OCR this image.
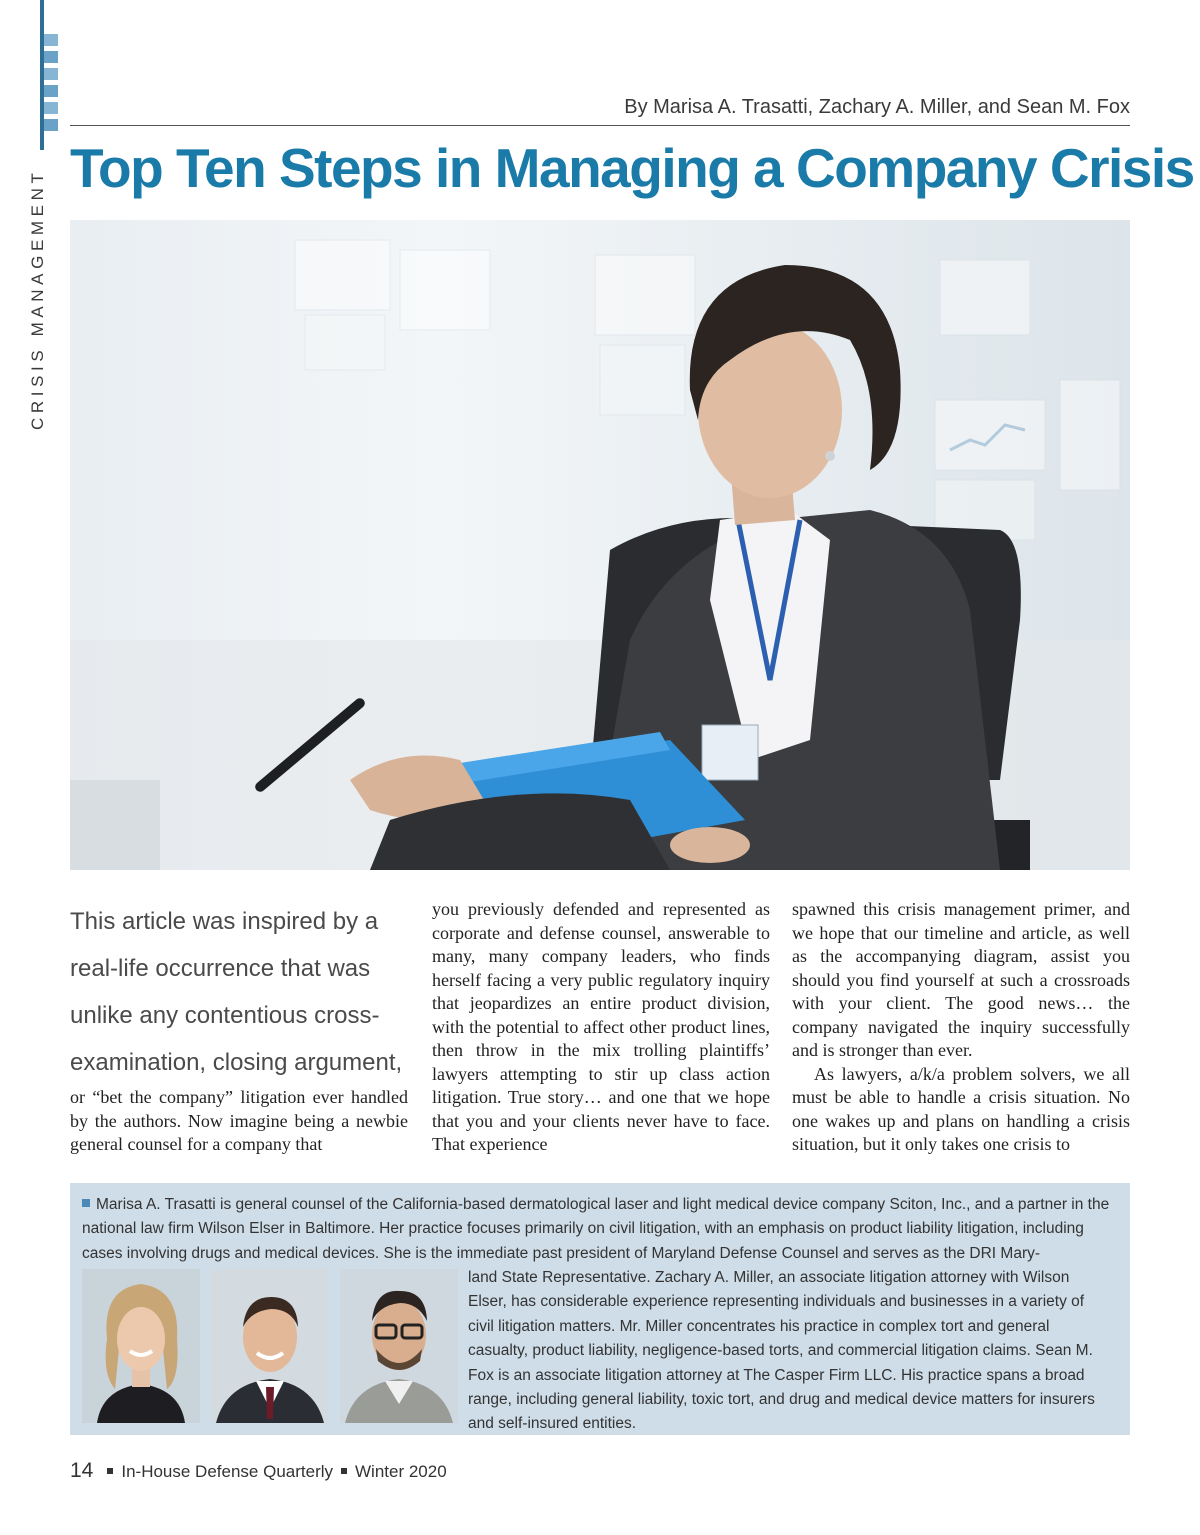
CRISIS MANAGEMENT
By Marisa A. Trasatti, Zachary A. Miller, and Sean M. Fox
Top Ten Steps in Managing a Company Crisis

This article was inspired by a real-life occurrence that was unlike any contentious cross-examination, closing argument,

or “bet the company” litigation ever handled by the authors. Now imagine being a newbie general counsel for a company that

you previously defended and represented as corporate and defense counsel, answerable to many, many company leaders, who finds herself facing a very public regulatory inquiry that jeopardizes an entire product division, with the potential to affect other product lines, then throw in the mix trolling plaintiffs’ lawyers attempting to stir up class action litigation. True story… and one that we hope that you and your clients never have to face. That experience

spawned this crisis management primer, and we hope that our timeline and article, as well as the accompanying diagram, assist you should you find yourself at such a crossroads with your client. The good news… the company navigated the inquiry successfully and is stronger than ever.

As lawyers, a/k/a problem solvers, we all must be able to handle a crisis situation. No one wakes up and plans on handling a crisis situation, but it only takes one crisis to

Marisa A. Trasatti is general counsel of the California-based dermatological laser and light medical device company Sciton, Inc., and a partner in the national law firm Wilson Elser in Baltimore. Her practice focuses primarily on civil litigation, with an emphasis on product liability litigation, including cases involving drugs and medical devices. She is the immediate past president of Maryland Defense Counsel and serves as the DRI Mary-
land State Representative. Zachary A. Miller, an associate litigation attorney with Wilson Elser, has considerable experience representing individuals and businesses in a variety of civil litigation matters. Mr. Miller concentrates his practice in complex tort and general casualty, product liability, negligence-based torts, and commercial litigation claims. Sean M. Fox is an associate litigation attorney at The Casper Firm LLC. His practice spans a broad range, including general liability, toxic tort, and drug and medical device matters for insurers and self-insured entities.
14 In-House Defense Quarterly Winter 2020
